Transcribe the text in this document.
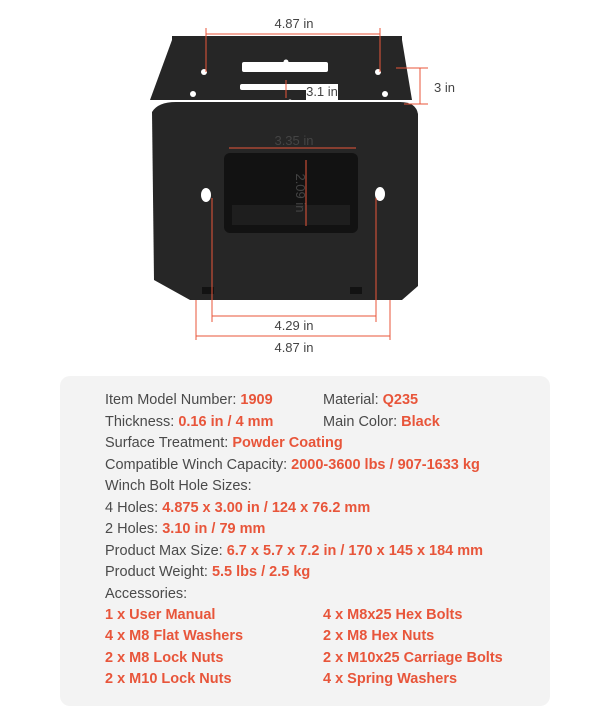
4.87 in
3.1 in	3 in
3.35 in
2.09 in
4.29 in
4.87 in
Item Model Number: 1909	Material: Q235
Thickness: 0.16 in / 4 mm	Main Color: Black
Surface Treatment: Powder Coating
Compatible Winch Capacity: 2000-3600 lbs / 907-1633 kg
Winch Bolt Hole Sizes:
4 Holes: 4.875 x 3.00 in / 124 x 76.2 mm
2 Holes: 3.10 in / 79 mm
Product Max Size: 6.7 x 5.7 x 7.2 in / 170 x 145 x 184 mm
Product Weight: 5.5 lbs / 2.5 kg
Accessories:
1 x User Manual	4 x M8x25 Hex Bolts
4 x M8 Flat Washers	2 x M8 Hex Nuts
2 x M8 Lock Nuts	2 x M10x25 Carriage Bolts
2 x M10 Lock Nuts	4 x Spring Washers
